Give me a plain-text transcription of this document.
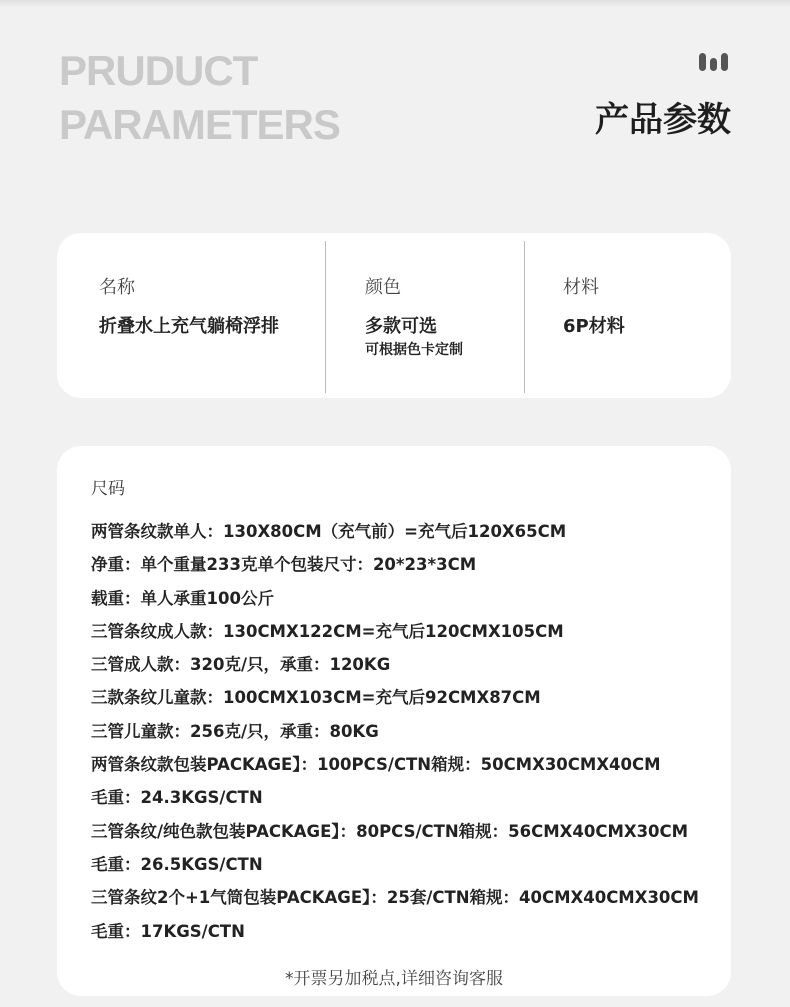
PRUDUCT
PARAMETERS	产品参数
名称
折叠水上充气躺椅浮排
颜色
多款可选
可根据色卡定制
材料
6P材料
尺码
两管条纹款单人：130X80CM（充气前）=充气后120X65CM
净重：单个重量233克单个包装尺寸：20*23*3CM
载重：单人承重100公斤
三管条纹成人款：130CMX122CM=充气后120CMX105CM
三管成人款：320克/只，承重：120KG
三款条纹儿童款：100CMX103CM=充气后92CMX87CM
三管儿童款：256克/只，承重：80KG
两管条纹款包装PACKAGE】：100PCS/CTN箱规：50CMX30CMX40CM
毛重：24.3KGS/CTN
三管条纹/纯色款包装PACKAGE】：80PCS/CTN箱规：56CMX40CMX30CM
毛重：26.5KGS/CTN
三管条纹2个+1气筒包装PACKAGE】：25套/CTN箱规：40CMX40CMX30CM
毛重：17KGS/CTN
*开票另加税点,详细咨询客服
